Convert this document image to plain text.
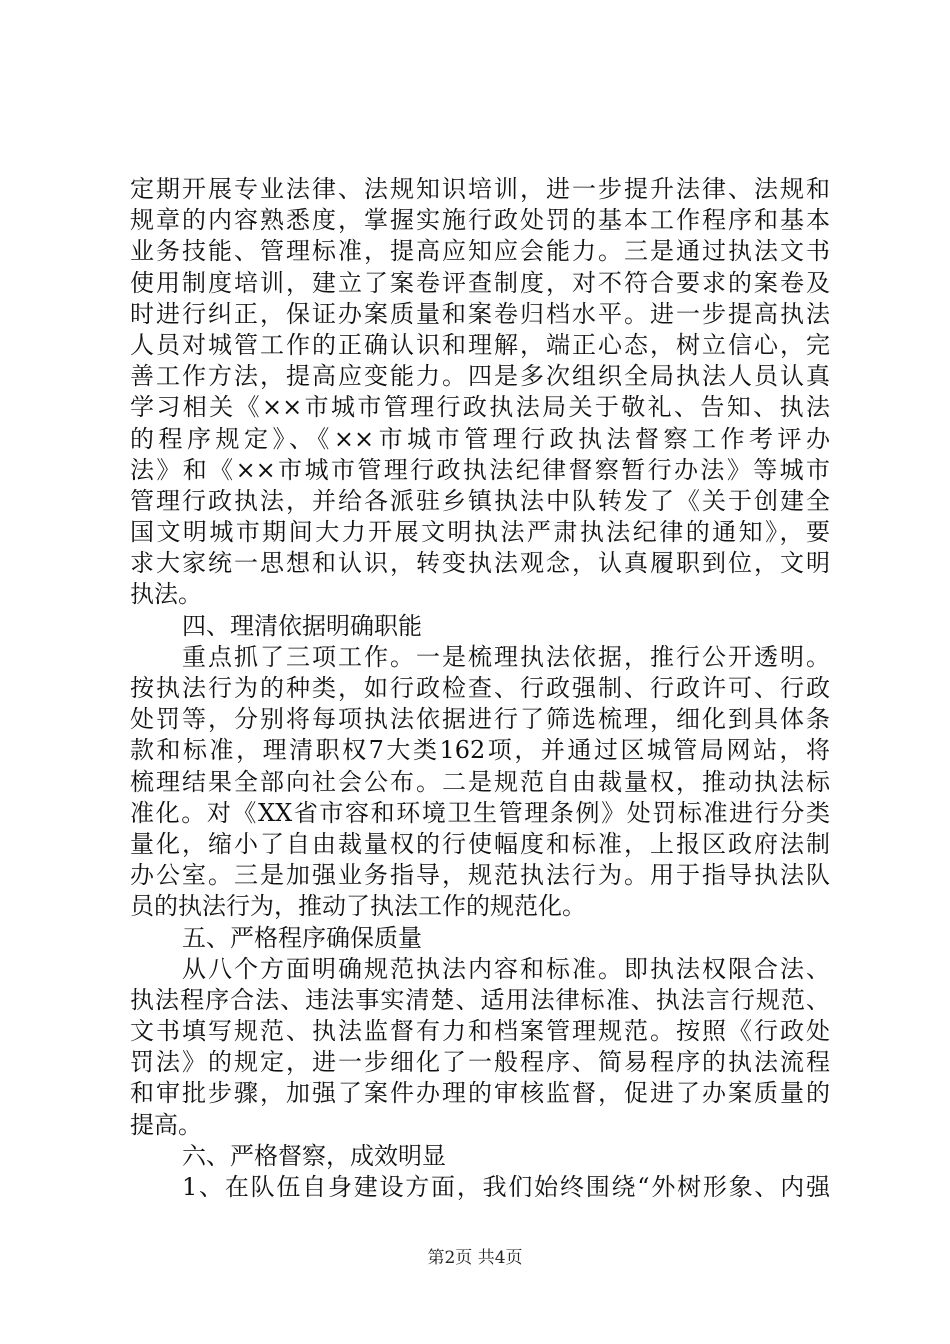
定期开展专业法律、法规知识培训，进一步提升法律、法规和
规章的内容熟悉度，掌握实施行政处罚的基本工作程序和基本
业务技能、管理标准，提高应知应会能力。三是通过执法文书
使用制度培训，建立了案卷评查制度，对不符合要求的案卷及
时进行纠正，保证办案质量和案卷归档水平。进一步提高执法
人员对城管工作的正确认识和理解，端正心态，树立信心，完
善工作方法，提高应变能力。四是多次组织全局执法人员认真
学习相关《××市城市管理行政执法局关于敬礼、告知、执法
的程序规定》、《××市城市管理行政执法督察工作考评办
法》和《××市城市管理行政执法纪律督察暂行办法》等城市
管理行政执法，并给各派驻乡镇执法中队转发了《关于创建全
国文明城市期间大力开展文明执法严肃执法纪律的通知》，要
求大家统一思想和认识，转变执法观念，认真履职到位，文明
执法。
四、理清依据明确职能
重点抓了三项工作。一是梳理执法依据，推行公开透明。
按执法行为的种类，如行政检查、行政强制、行政许可、行政
处罚等，分别将每项执法依据进行了筛选梳理，细化到具体条
款和标准，理清职权7大类162项，并通过区城管局网站，将
梳理结果全部向社会公布。二是规范自由裁量权，推动执法标
准化。对《XX省市容和环境卫生管理条例》处罚标准进行分类
量化，缩小了自由裁量权的行使幅度和标准，上报区政府法制
办公室。三是加强业务指导，规范执法行为。用于指导执法队
员的执法行为，推动了执法工作的规范化。
五、严格程序确保质量
从八个方面明确规范执法内容和标准。即执法权限合法、
执法程序合法、违法事实清楚、适用法律标准、执法言行规范、
文书填写规范、执法监督有力和档案管理规范。按照《行政处
罚法》的规定，进一步细化了一般程序、简易程序的执法流程
和审批步骤，加强了案件办理的审核监督，促进了办案质量的
提高。
六、严格督察，成效明显
1、在队伍自身建设方面，我们始终围绕“外树形象、内强
第2页 共4页
